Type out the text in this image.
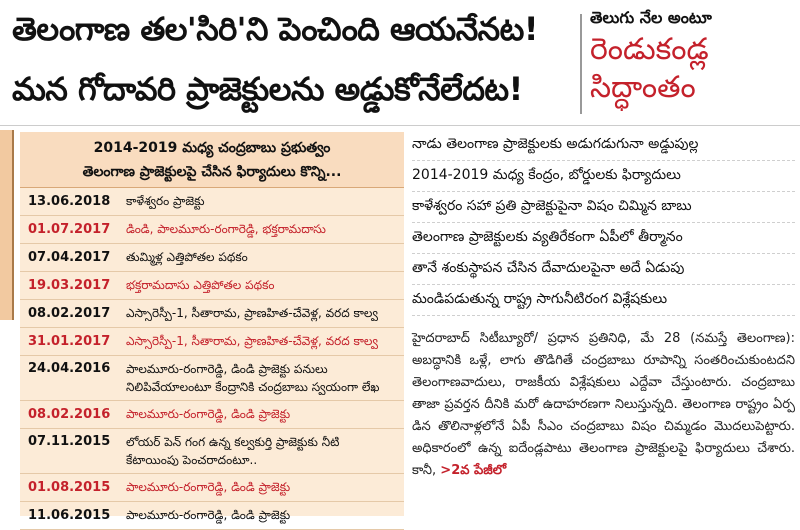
తెలంగాణ తల'సిరి'ని పెంచింది ఆయనేనట!
మన గోదావరి ప్రాజెక్టులను అడ్డుకోనేలేదట!
తెలుగు నేల అంటూ
రెండుకండ్ల
సిద్ధాంతం
2014-2019 మధ్య చంద్రబాబు ప్రభుత్వం
తెలంగాణ ప్రాజెక్టులపై చేసిన ఫిర్యాదులు కొన్ని...
13.06.2018 కాళేశ్వరం ప్రాజెక్టు
01.07.2017 డిండి, పాలమూరు-రంగారెడ్డి, భక్తరామదాసు
07.04.2017 తుమ్మిళ్ల ఎత్తిపోతల పథకం
19.03.2017 భక్తరామదాసు ఎత్తిపోతల పథకం
08.02.2017 ఎస్సారెస్పీ-1, సీతారామ, ప్రాణహిత-చేవెళ్ల, వరద కాల్వ
31.01.2017 ఎస్సారెస్పీ-1, సీతారామ, ప్రాణహిత-చేవెళ్ల, వరద కాల్వ
24.04.2016 పాలమూరు-రంగారెడ్డి, డిండి ప్రాజెక్టు పనులు నిలిపివేయాలంటూ కేంద్రానికి చంద్రబాబు స్వయంగా లేఖ
08.02.2016 పాలమూరు-రంగారెడ్డి, డిండి ప్రాజెక్టు
07.11.2015 లోయర్ పెన్ గంగ ఉన్న కల్వకుర్తి ప్రాజెక్టుకు నీటి కేటాయింపు పెంచరాదంటూ..
01.08.2015 పాలమూరు-రంగారెడ్డి, డిండి ప్రాజెక్టు
11.06.2015 పాలమూరు-రంగారెడ్డి, డిండి ప్రాజెక్టు
నాడు తెలంగాణ ప్రాజెక్టులకు అడుగడుగునా అడ్డుపుల్ల
2014-2019 మధ్య కేంద్రం, బోర్డులకు ఫిర్యాదులు
కాళేశ్వరం సహా ప్రతి ప్రాజెక్టుపైనా విషం చిమ్మిన బాబు
తెలంగాణ ప్రాజెక్టులకు వ్యతిరేకంగా ఏపీలో తీర్మానం
తానే శంకుస్థాపన చేసిన దేవాదులపైనా అదే ఏడుపు
మండిపడుతున్న రాష్ట్ర సాగునీటిరంగ విశ్లేషకులు
హైదరాబాద్ సిటీబ్యూరో/ ప్రధాన ప్రతినిధి, మే 28 (నమస్తే తెలంగాణ): అబద్ధానికి ఒళ్లే, లాగు తొడిగితే చంద్రబాబు రూపాన్ని సంతరించుకుంటదని తెలంగాణవాదులు, రాజకీయ విశ్లేషకులు ఎద్దేవా చేస్తుంటారు. చంద్రబాబు తాజా ప్రవర్తన దీనికి మరో ఉదాహరణగా నిలుస్తున్నది. తెలంగాణ రాష్ట్రం ఏర్ప డిన తొలినాళ్లలోనే ఏపీ సీఎం చంద్రబాబు విషం చిమ్మడం మొదలుపెట్టారు. అధికారంలో ఉన్న ఐదేండ్లపాటు తెలంగాణ ప్రాజెక్టులపై ఫిర్యాదులు చేశారు. కానీ, >2వ పేజీలో
